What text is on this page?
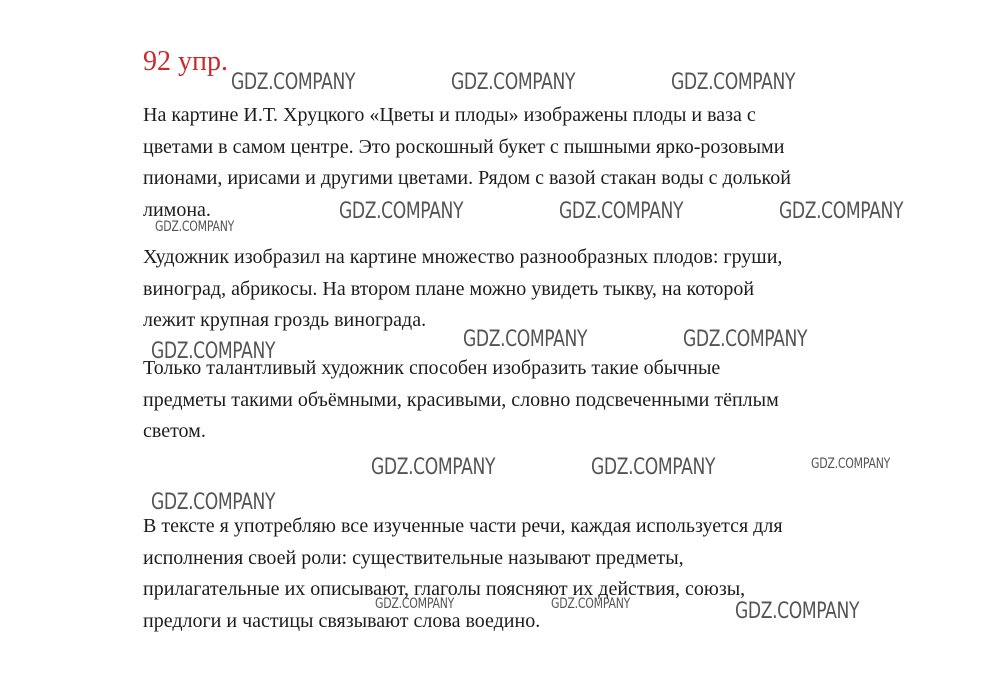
92 упр.

На картине И.Т. Хруцкого «Цветы и плоды» изображены плоды и ваза с
цветами в самом центре. Это роскошный букет с пышными ярко-розовыми
пионами, ирисами и другими цветами. Рядом с вазой стакан воды с долькой
лимона.

Художник изобразил на картине множество разнообразных плодов: груши,
виноград, абрикосы. На втором плане можно увидеть тыкву, на которой
лежит крупная гроздь винограда.

Только талантливый художник способен изобразить такие обычные
предметы такими объёмными, красивыми, словно подсвеченными тёплым
светом.

В тексте я употребляю все изученные части речи, каждая используется для
исполнения своей роли: существительные называют предметы,
прилагательные их описывают, глаголы поясняют их действия, союзы,
предлоги и частицы связывают слова воедино.

GDZ.COMPANY	GDZ.COMPANY	GDZ.COMPANY
GDZ.COMPANY	GDZ.COMPANY	GDZ.COMPANY
GDZ.COMPANY
GDZ.COMPANY	GDZ.COMPANY
GDZ.COMPANY
GDZ.COMPANY	GDZ.COMPANY	GDZ.COMPANY
GDZ.COMPANY
GDZ.COMPANY	GDZ.COMPANY	GDZ.COMPANY
